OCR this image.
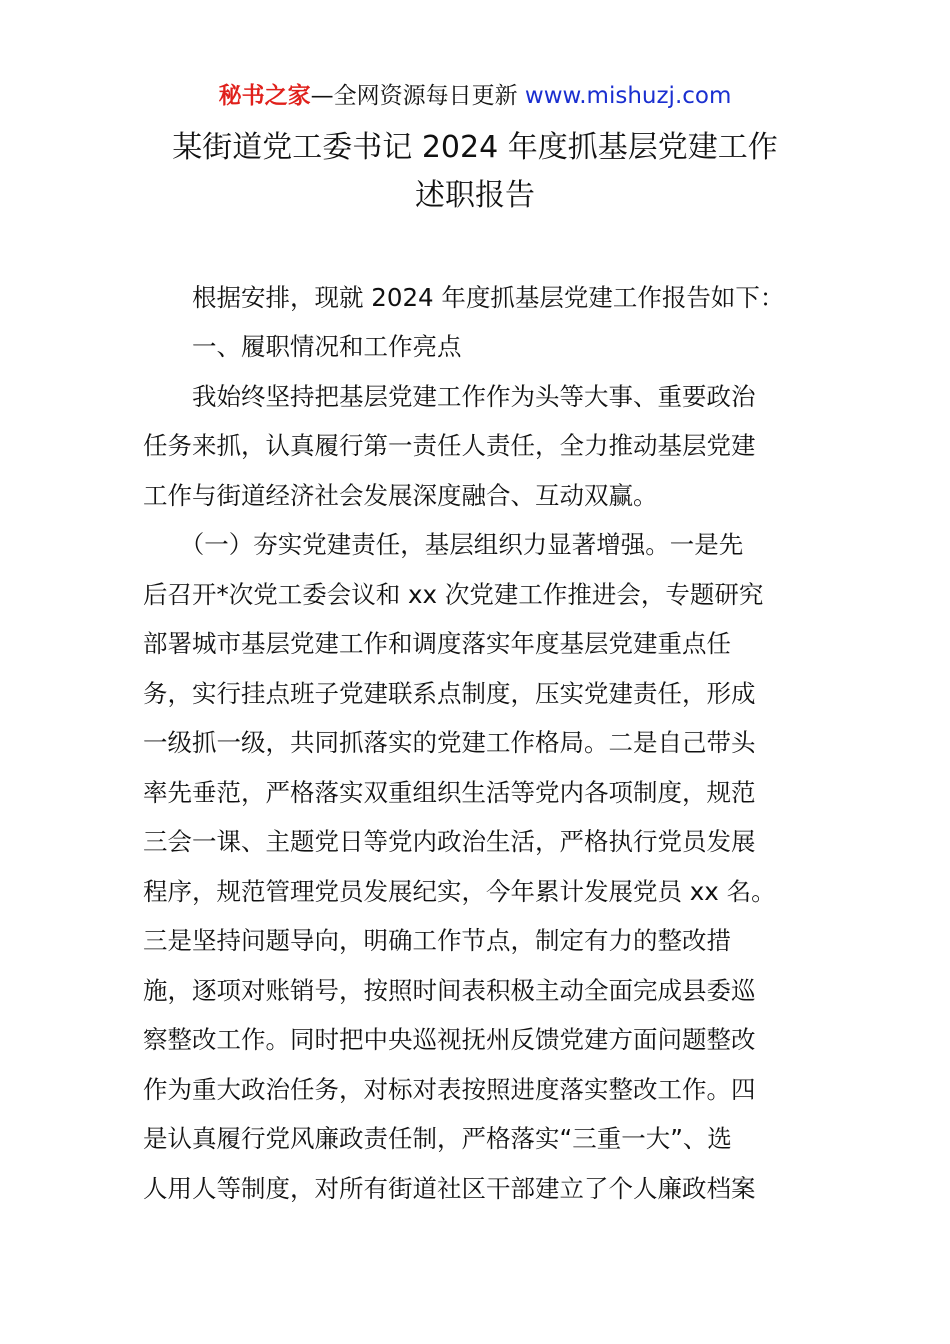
秘书之家—全网资源每日更新 www.mishuzj.com
某街道党工委书记 2024 年度抓基层党建工作
述职报告
　　根据安排，现就 2024 年度抓基层党建工作报告如下：
　　一、履职情况和工作亮点
　　我始终坚持把基层党建工作作为头等大事、重要政治
任务来抓，认真履行第一责任人责任，全力推动基层党建
工作与街道经济社会发展深度融合、互动双赢。
　　（一）夯实党建责任，基层组织力显著增强。一是先
后召开*次党工委会议和 xx 次党建工作推进会，专题研究
部署城市基层党建工作和调度落实年度基层党建重点任
务，实行挂点班子党建联系点制度，压实党建责任，形成
一级抓一级，共同抓落实的党建工作格局。二是自己带头
率先垂范，严格落实双重组织生活等党内各项制度，规范
三会一课、主题党日等党内政治生活，严格执行党员发展
程序，规范管理党员发展纪实，今年累计发展党员 xx 名。
三是坚持问题导向，明确工作节点，制定有力的整改措
施，逐项对账销号，按照时间表积极主动全面完成县委巡
察整改工作。同时把中央巡视抚州反馈党建方面问题整改
作为重大政治任务，对标对表按照进度落实整改工作。四
是认真履行党风廉政责任制，严格落实“三重一大”、选
人用人等制度，对所有街道社区干部建立了个人廉政档案
